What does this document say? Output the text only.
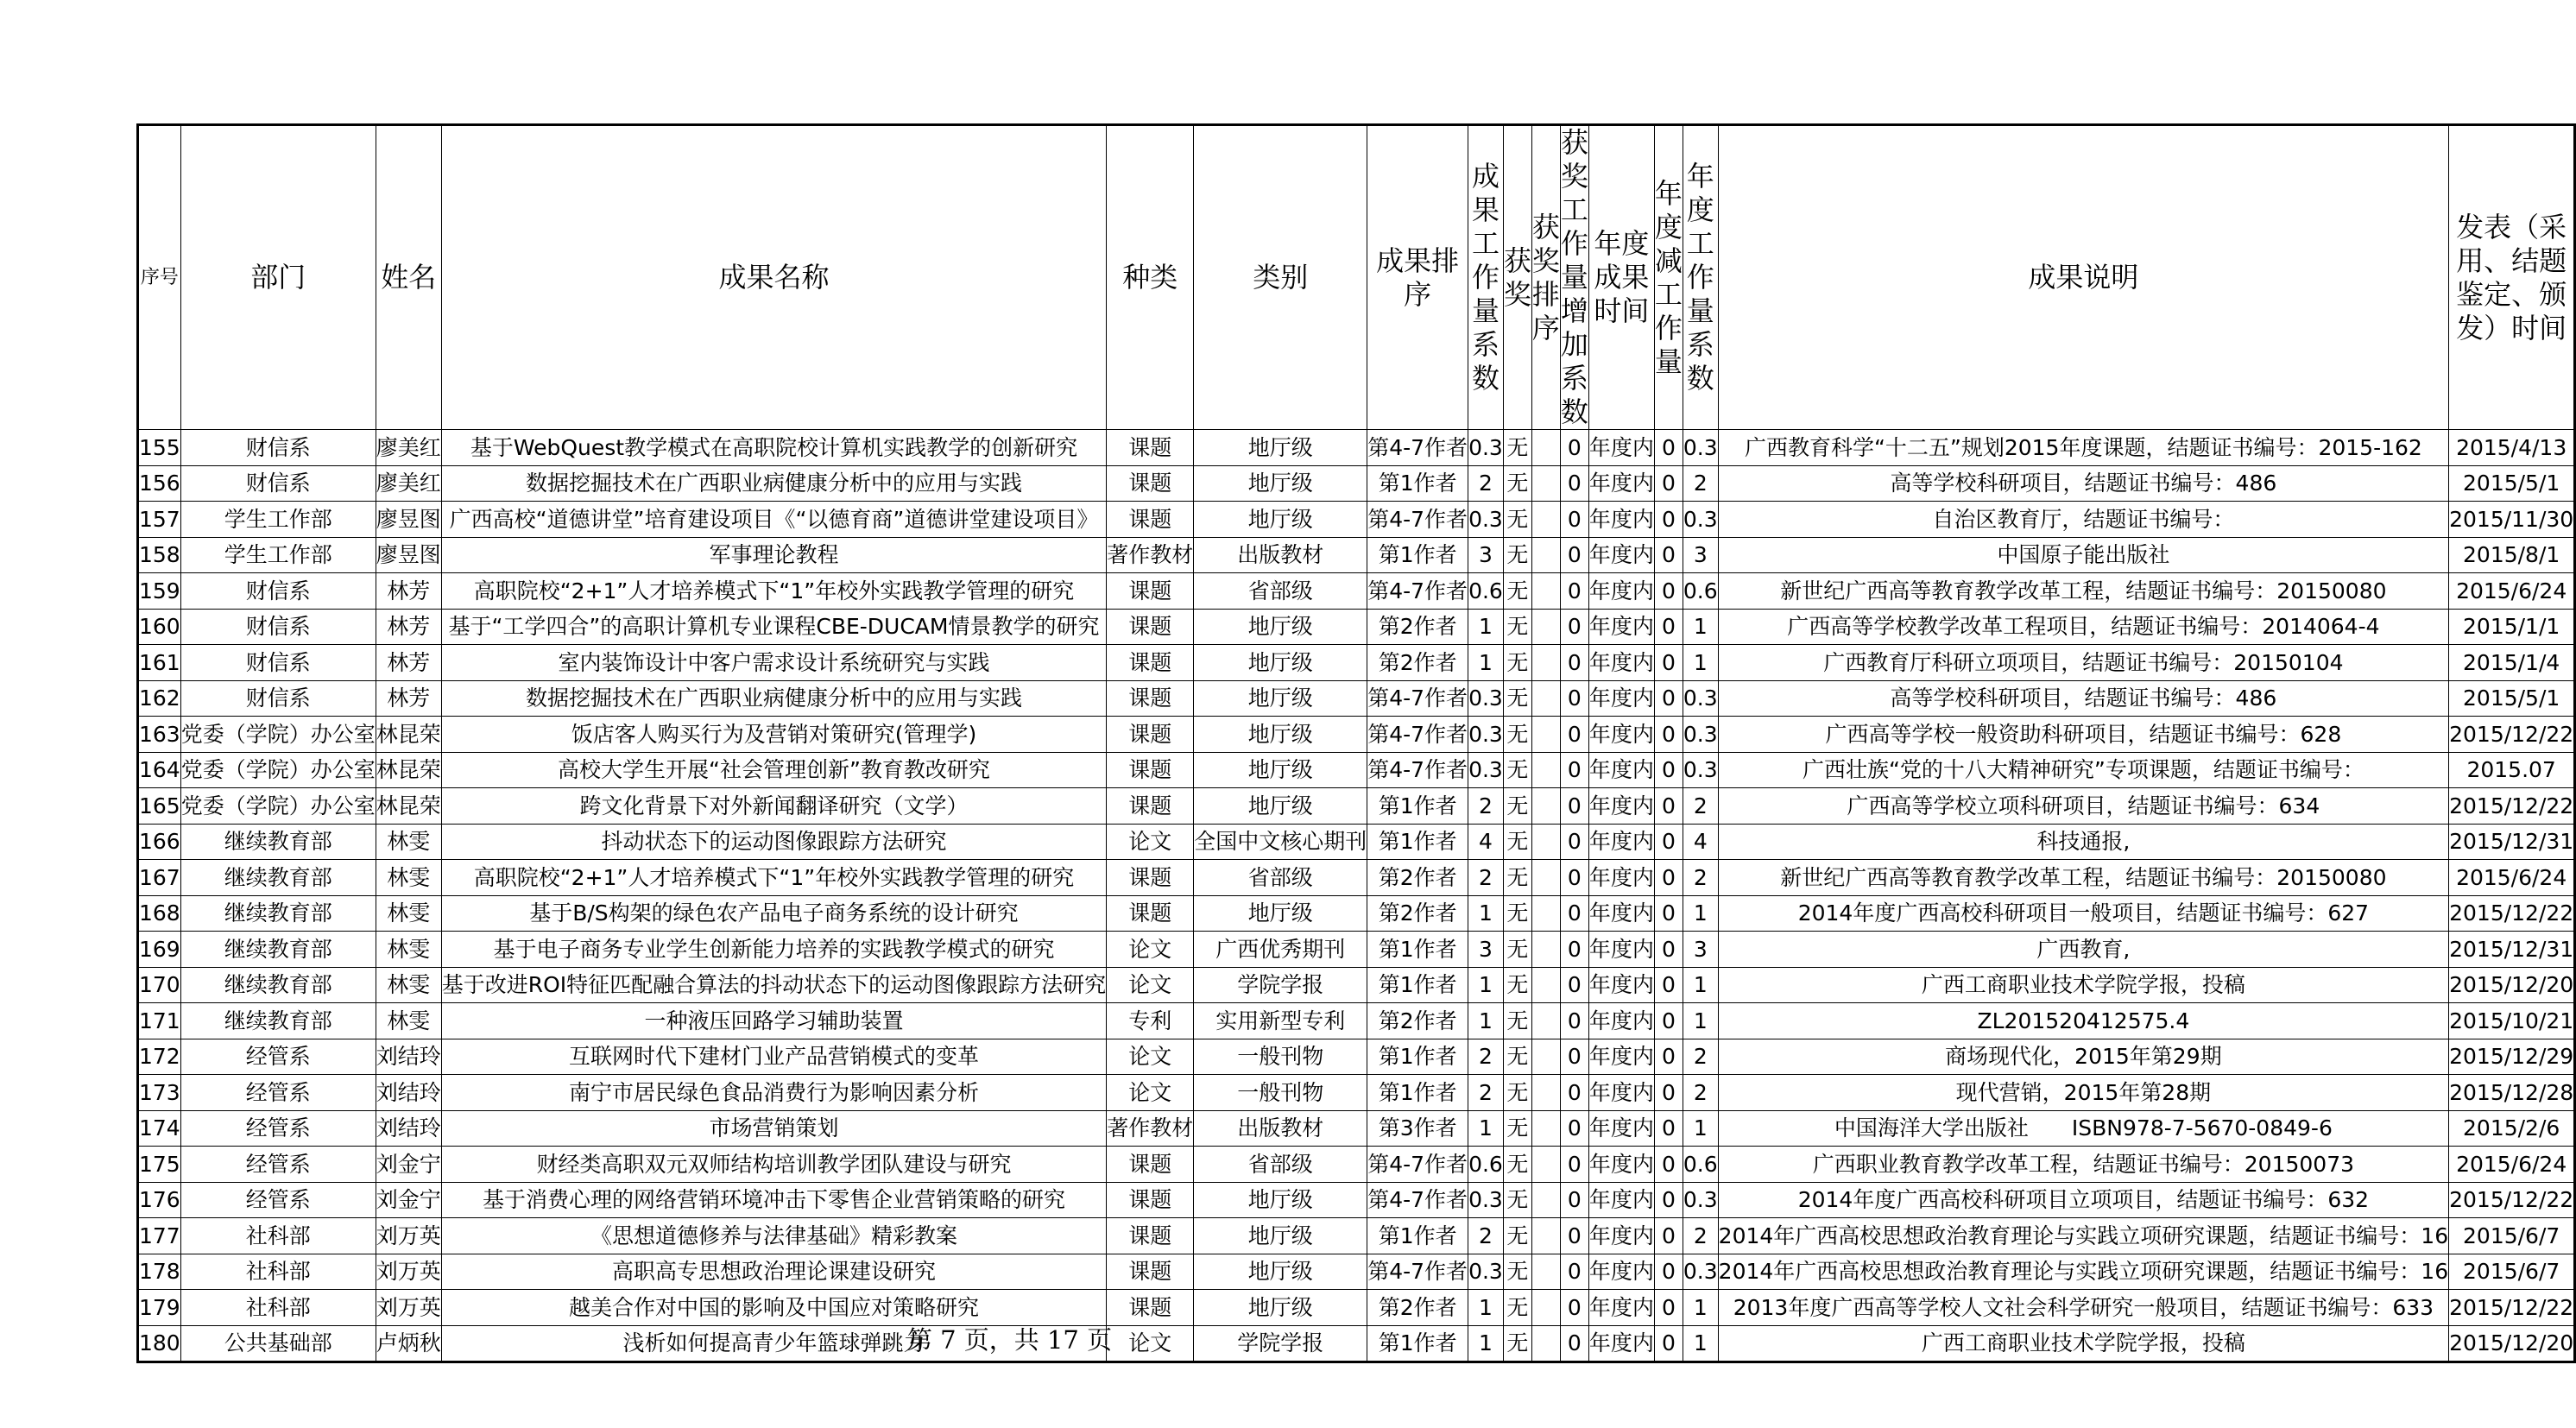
序号	部门	姓名	成果名称	种类	类别	成果排序	成果工作量系数	获奖	获奖排序	获奖工作量增加系数	年度成果时间	年度减工作量	年度工作量系数	成果说明	发表（采用、结题鉴定、颁发）时间
155	财信系	廖美红	基于WebQuest教学模式在高职院校计算机实践教学的创新研究	课题	地厅级	第4-7作者	0.3	无		0	年度内	0	0.3	广西教育科学“十二五”规划2015年度课题，结题证书编号：2015-162	2015/4/13
156	财信系	廖美红	数据挖掘技术在广西职业病健康分析中的应用与实践	课题	地厅级	第1作者	2	无		0	年度内	0	2	高等学校科研项目，结题证书编号：486	2015/5/1
157	学生工作部	廖昱图	广西高校“道德讲堂”培育建设项目《“以德育商”道德讲堂建设项目》	课题	地厅级	第4-7作者	0.3	无		0	年度内	0	0.3	自治区教育厅，结题证书编号：	2015/11/30
158	学生工作部	廖昱图	军事理论教程	著作教材	出版教材	第1作者	3	无		0	年度内	0	3	中国原子能出版社	2015/8/1
159	财信系	林芳	高职院校“2+1”人才培养模式下“1”年校外实践教学管理的研究	课题	省部级	第4-7作者	0.6	无		0	年度内	0	0.6	新世纪广西高等教育教学改革工程，结题证书编号：20150080	2015/6/24
160	财信系	林芳	基于“工学四合”的高职计算机专业课程CBE-DUCAM情景教学的研究	课题	地厅级	第2作者	1	无		0	年度内	0	1	广西高等学校教学改革工程项目，结题证书编号：2014064-4	2015/1/1
161	财信系	林芳	室内装饰设计中客户需求设计系统研究与实践	课题	地厅级	第2作者	1	无		0	年度内	0	1	广西教育厅科研立项项目，结题证书编号：20150104	2015/1/4
162	财信系	林芳	数据挖掘技术在广西职业病健康分析中的应用与实践	课题	地厅级	第4-7作者	0.3	无		0	年度内	0	0.3	高等学校科研项目，结题证书编号：486	2015/5/1
163	党委（学院）办公室	林昆荣	饭店客人购买行为及营销对策研究(管理学)	课题	地厅级	第4-7作者	0.3	无		0	年度内	0	0.3	广西高等学校一般资助科研项目，结题证书编号：628	2015/12/22
164	党委（学院）办公室	林昆荣	高校大学生开展“社会管理创新”教育教改研究	课题	地厅级	第4-7作者	0.3	无		0	年度内	0	0.3	广西壮族“党的十八大精神研究”专项课题，结题证书编号：	2015.07
165	党委（学院）办公室	林昆荣	跨文化背景下对外新闻翻译研究（文学）	课题	地厅级	第1作者	2	无		0	年度内	0	2	广西高等学校立项科研项目，结题证书编号：634	2015/12/22
166	继续教育部	林雯	抖动状态下的运动图像跟踪方法研究	论文	全国中文核心期刊	第1作者	4	无		0	年度内	0	4	科技通报,	2015/12/31
167	继续教育部	林雯	高职院校“2+1”人才培养模式下“1”年校外实践教学管理的研究	课题	省部级	第2作者	2	无		0	年度内	0	2	新世纪广西高等教育教学改革工程，结题证书编号：20150080	2015/6/24
168	继续教育部	林雯	基于B/S构架的绿色农产品电子商务系统的设计研究	课题	地厅级	第2作者	1	无		0	年度内	0	1	2014年度广西高校科研项目一般项目，结题证书编号：627	2015/12/22
169	继续教育部	林雯	基于电子商务专业学生创新能力培养的实践教学模式的研究	论文	广西优秀期刊	第1作者	3	无		0	年度内	0	3	广西教育,	2015/12/31
170	继续教育部	林雯	基于改进ROI特征匹配融合算法的抖动状态下的运动图像跟踪方法研究	论文	学院学报	第1作者	1	无		0	年度内	0	1	广西工商职业技术学院学报，投稿	2015/12/20
171	继续教育部	林雯	一种液压回路学习辅助装置	专利	实用新型专利	第2作者	1	无		0	年度内	0	1	ZL201520412575.4	2015/10/21
172	经管系	刘结玲	互联网时代下建材门业产品营销模式的变革	论文	一般刊物	第1作者	2	无		0	年度内	0	2	商场现代化，2015年第29期	2015/12/29
173	经管系	刘结玲	南宁市居民绿色食品消费行为影响因素分析	论文	一般刊物	第1作者	2	无		0	年度内	0	2	现代营销，2015年第28期	2015/12/28
174	经管系	刘结玲	市场营销策划	著作教材	出版教材	第3作者	1	无		0	年度内	0	1	中国海洋大学出版社　　ISBN978-7-5670-0849-6	2015/2/6
175	经管系	刘金宁	财经类高职双元双师结构培训教学团队建设与研究	课题	省部级	第4-7作者	0.6	无		0	年度内	0	0.6	广西职业教育教学改革工程，结题证书编号：20150073	2015/6/24
176	经管系	刘金宁	基于消费心理的网络营销环境冲击下零售企业营销策略的研究	课题	地厅级	第4-7作者	0.3	无		0	年度内	0	0.3	2014年度广西高校科研项目立项项目，结题证书编号：632	2015/12/22
177	社科部	刘万英	《思想道德修养与法律基础》精彩教案	课题	地厅级	第1作者	2	无		0	年度内	0	2	2014年广西高校思想政治教育理论与实践立项研究课题，结题证书编号：16	2015/6/7
178	社科部	刘万英	高职高专思想政治理论课建设研究	课题	地厅级	第4-7作者	0.3	无		0	年度内	0	0.3	2014年广西高校思想政治教育理论与实践立项研究课题，结题证书编号：16	2015/6/7
179	社科部	刘万英	越美合作对中国的影响及中国应对策略研究	课题	地厅级	第2作者	1	无		0	年度内	0	1	2013年度广西高等学校人文社会科学研究一般项目，结题证书编号：633	2015/12/22
180	公共基础部	卢炳秋	浅析如何提高青少年篮球弹跳力	论文	学院学报	第1作者	1	无		0	年度内	0	1	广西工商职业技术学院学报，投稿	2015/12/20
第 7 页，共 17 页
